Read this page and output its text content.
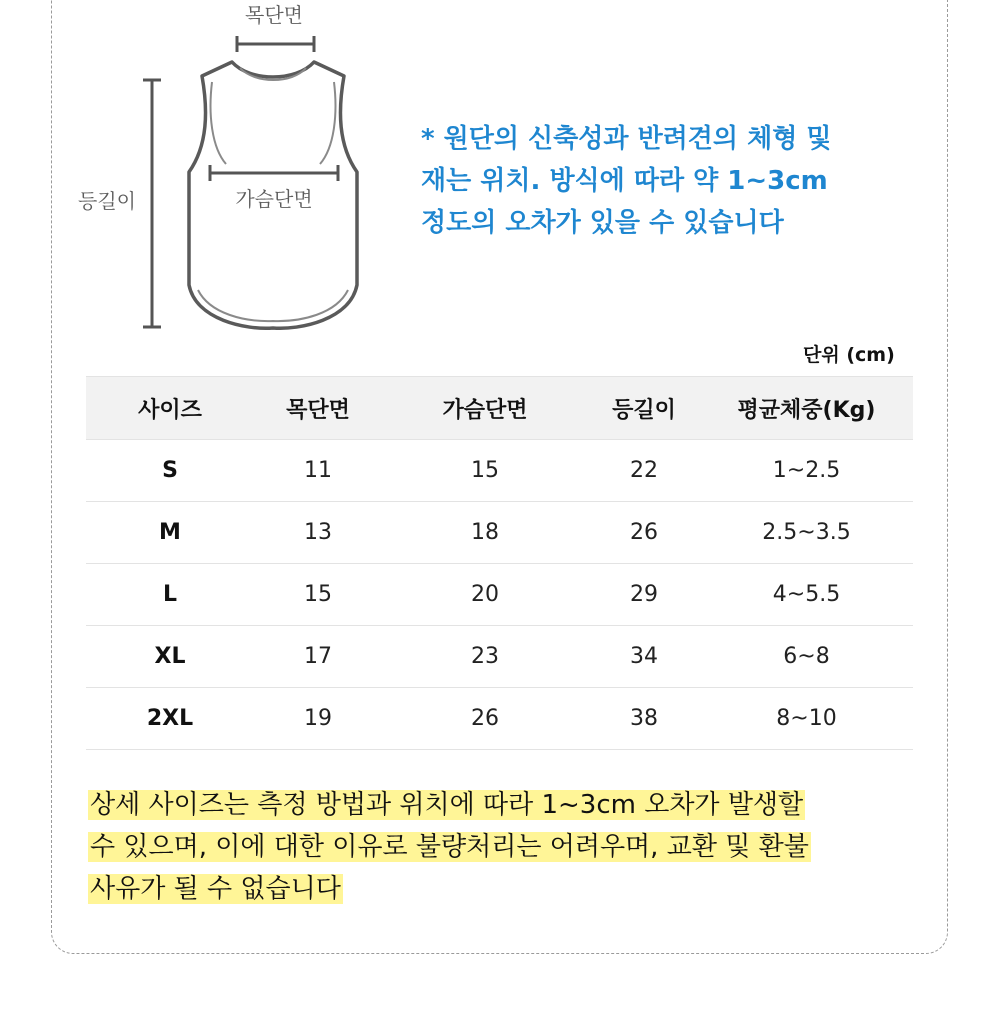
목단면
등길이	가슴단면
* 원단의 신축성과 반려견의 체형 및
재는 위치. 방식에 따라 약 1~3cm
정도의 오차가 있을 수 있습니다
단위 (cm)
사이즈	목단면	가슴단면	등길이	평균체중(Kg)
S	11	15	22	1~2.5
M	13	18	26	2.5~3.5
L	15	20	29	4~5.5
XL	17	23	34	6~8
2XL	19	26	38	8~10
상세 사이즈는 측정 방법과 위치에 따라 1~3cm 오차가 발생할
수 있으며, 이에 대한 이유로 불량처리는 어려우며, 교환 및 환불
사유가 될 수 없습니다
